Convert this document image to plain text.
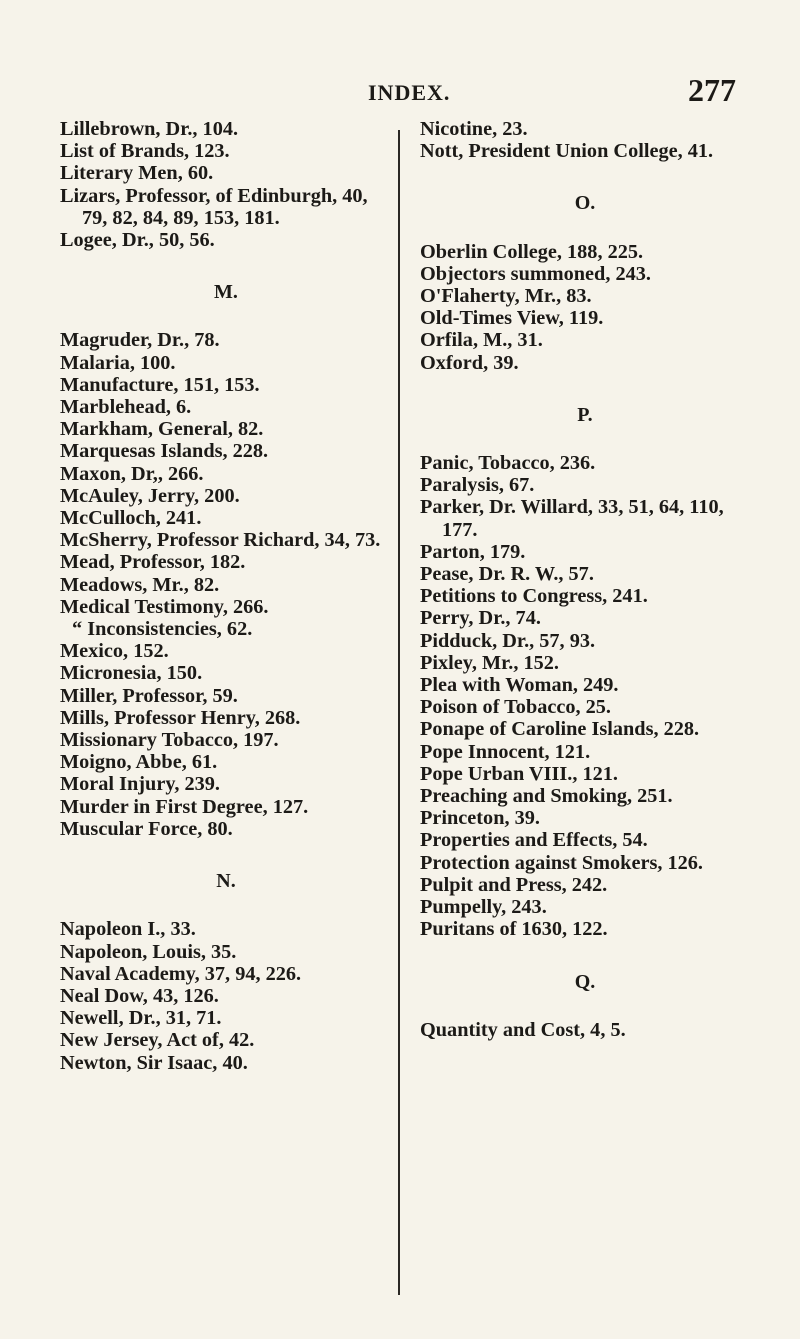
INDEX.	277

Lillebrown, Dr., 104.

List of Brands, 123.

Literary Men, 60.

Lizars, Professor, of Edinburgh, 40, 79, 82, 84, 89, 153, 181.

Logee, Dr., 50, 56.

M.

Magruder, Dr., 78.

Malaria, 100.

Manufacture, 151, 153.

Marblehead, 6.

Markham, General, 82.

Marquesas Islands, 228.

Maxon, Dr,, 266.

McAuley, Jerry, 200.

McCulloch, 241.

McSherry, Professor Richard, 34, 73.

Mead, Professor, 182.

Meadows, Mr., 82.

Medical Testimony, 266.

“ Inconsistencies, 62.

Mexico, 152.

Micronesia, 150.

Miller, Professor, 59.

Mills, Professor Henry, 268.

Missionary Tobacco, 197.

Moigno, Abbe, 61.

Moral Injury, 239.

Murder in First Degree, 127.

Muscular Force, 80.

N.

Napoleon I., 33.

Napoleon, Louis, 35.

Naval Academy, 37, 94, 226.

Neal Dow, 43, 126.

Newell, Dr., 31, 71.

New Jersey, Act of, 42.

Newton, Sir Isaac, 40.

Nicotine, 23.

Nott, President Union College, 41.

O.

Oberlin College, 188, 225.

Objectors summoned, 243.

O'Flaherty, Mr., 83.

Old-Times View, 119.

Orfila, M., 31.

Oxford, 39.

P.

Panic, Tobacco, 236.

Paralysis, 67.

Parker, Dr. Willard, 33, 51, 64, 110, 177.

Parton, 179.

Pease, Dr. R. W., 57.

Petitions to Congress, 241.

Perry, Dr., 74.

Pidduck, Dr., 57, 93.

Pixley, Mr., 152.

Plea with Woman, 249.

Poison of Tobacco, 25.

Ponape of Caroline Islands, 228.

Pope Innocent, 121.

Pope Urban VIII., 121.

Preaching and Smoking, 251.

Princeton, 39.

Properties and Effects, 54.

Protection against Smokers, 126.

Pulpit and Press, 242.

Pumpelly, 243.

Puritans of 1630, 122.

Q.

Quantity and Cost, 4, 5.
